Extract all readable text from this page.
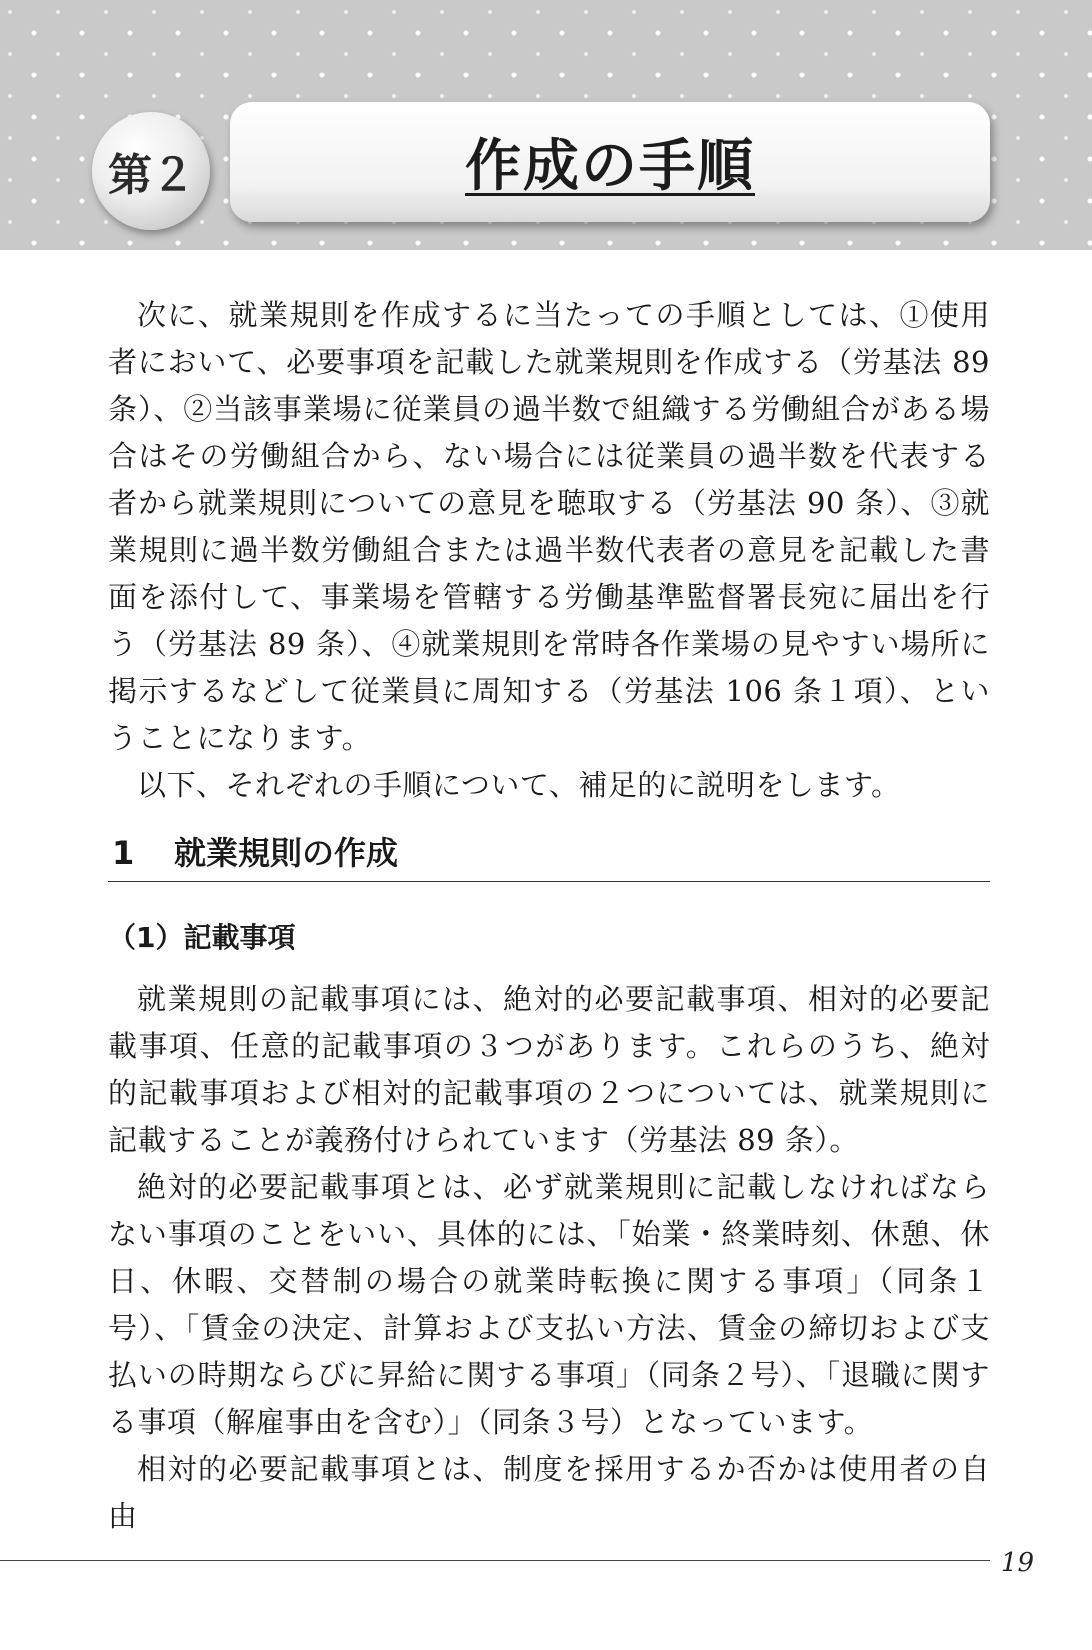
第２	作成の手順

次に、就業規則を作成するに当たっての手順としては、①使用者において、必要事項を記載した就業規則を作成する（労基法 89 条）、②当該事業場に従業員の過半数で組織する労働組合がある場合はその労働組合から、ない場合には従業員の過半数を代表する者から就業規則についての意見を聴取する（労基法 90 条）、③就業規則に過半数労働組合または過半数代表者の意見を記載した書面を添付して、事業場を管轄する労働基準監督署長宛に届出を行う（労基法 89 条）、④就業規則を常時各作業場の見やすい場所に掲示するなどして従業員に周知する（労基法 106 条１項）、ということになります。

以下、それぞれの手順について、補足的に説明をします。

1 就業規則の作成
（1）記載事項

就業規則の記載事項には、絶対的必要記載事項、相対的必要記載事項、任意的記載事項の３つがあります。これらのうち、絶対的記載事項および相対的記載事項の２つについては、就業規則に記載することが義務付けられています（労基法 89 条）。

絶対的必要記載事項とは、必ず就業規則に記載しなければならない事項のことをいい、具体的には、「始業・終業時刻、休憩、休日、休暇、交替制の場合の就業時転換に関する事項」（同条１号）、「賃金の決定、計算および支払い方法、賃金の締切および支払いの時期ならびに昇給に関する事項」（同条２号）、「退職に関する事項（解雇事由を含む）」（同条３号）となっています。

相対的必要記載事項とは、制度を採用するか否かは使用者の自由

19
